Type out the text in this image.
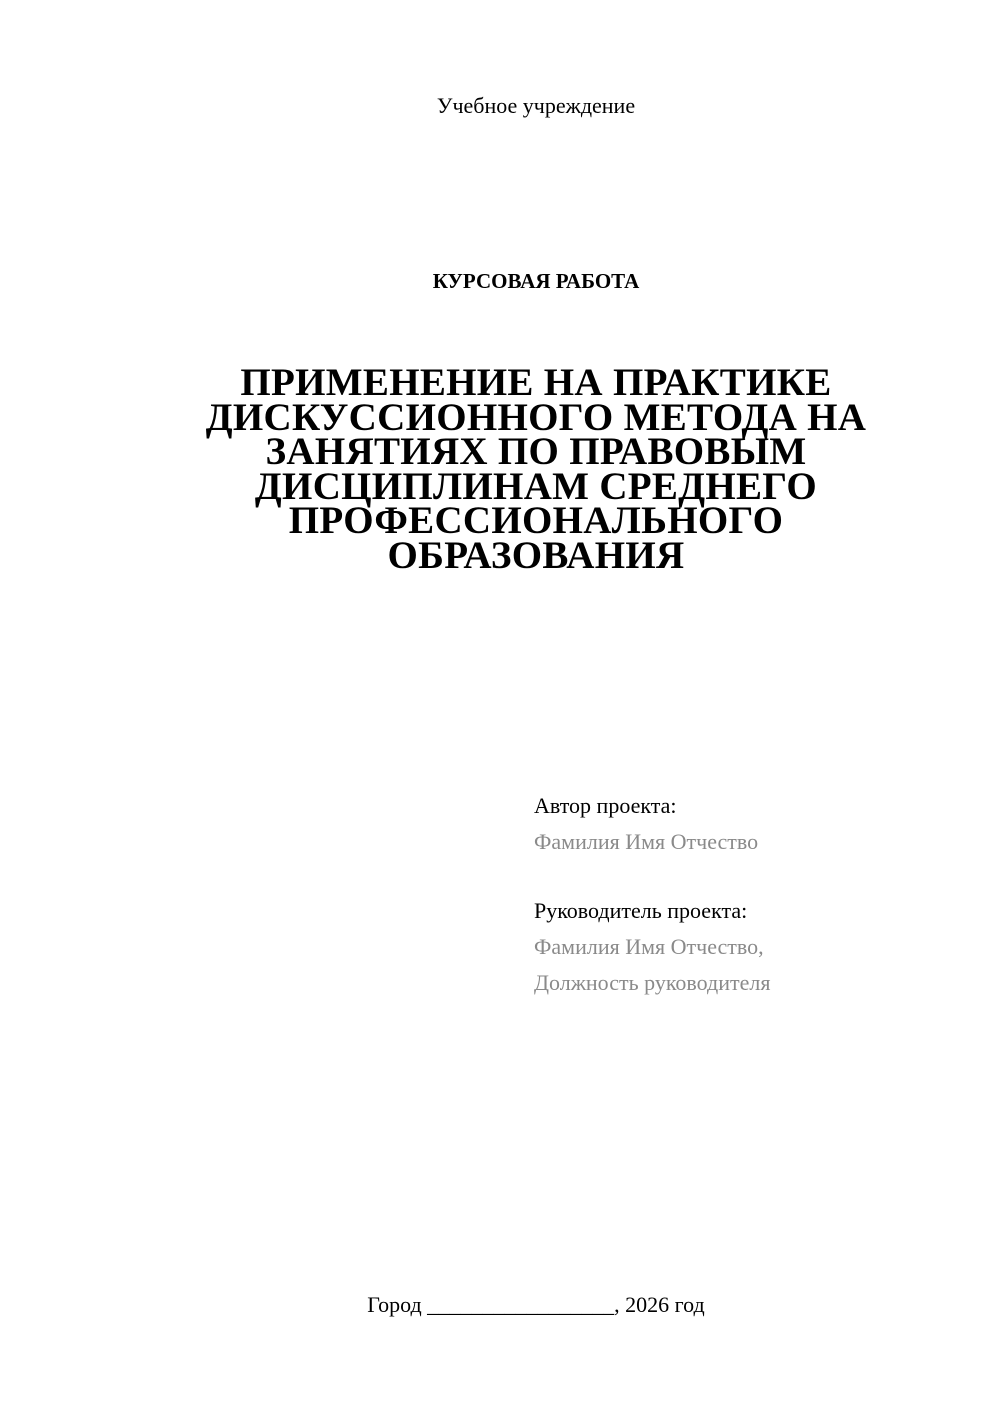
Учебное учреждение
КУРСОВАЯ РАБОТА
ПРИМЕНЕНИЕ НА ПРАКТИКЕ
ДИСКУССИОННОГО МЕТОДА НА
ЗАНЯТИЯХ ПО ПРАВОВЫМ
ДИСЦИПЛИНАМ СРЕДНЕГО
ПРОФЕССИОНАЛЬНОГО
ОБРАЗОВАНИЯ
Автор проекта:
Фамилия Имя Отчество
Руководитель проекта:
Фамилия Имя Отчество,
Должность руководителя
Город _________________, 2026 год
